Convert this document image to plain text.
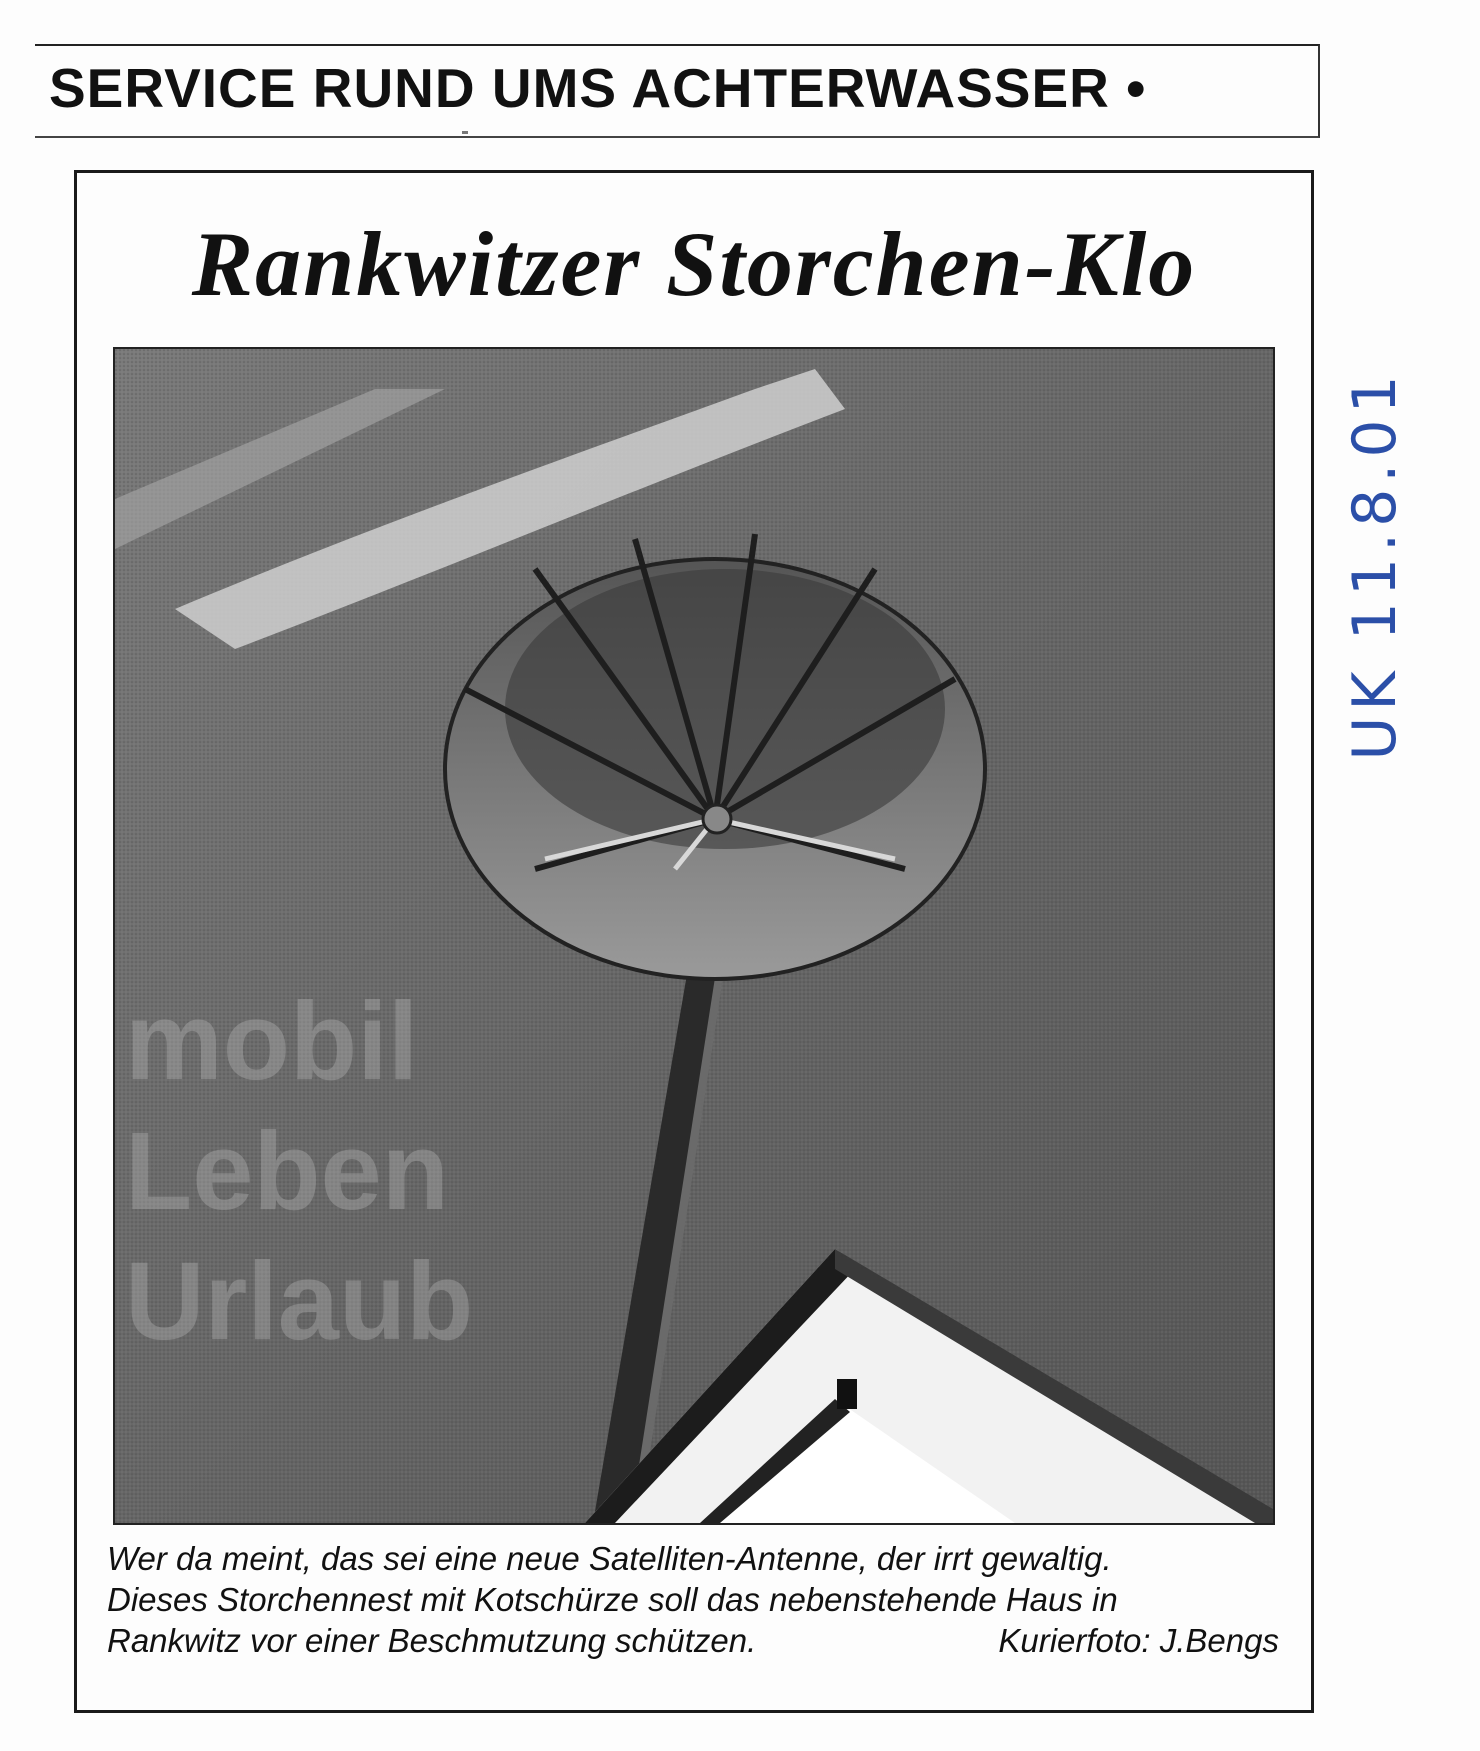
SERVICE RUND UMS ACHTERWASSER •
Rankwitzer Storchen-Klo
mobil
Leben
Urlaub
Wer da meint, das sei eine neue Satelliten-Antenne, der irrt gewaltig.
Dieses Storchennest mit Kotschürze soll das nebenstehende Haus in
Rankwitz vor einer Beschmutzung schützen.	Kurierfoto: J.Bengs
UK 11.8.01
